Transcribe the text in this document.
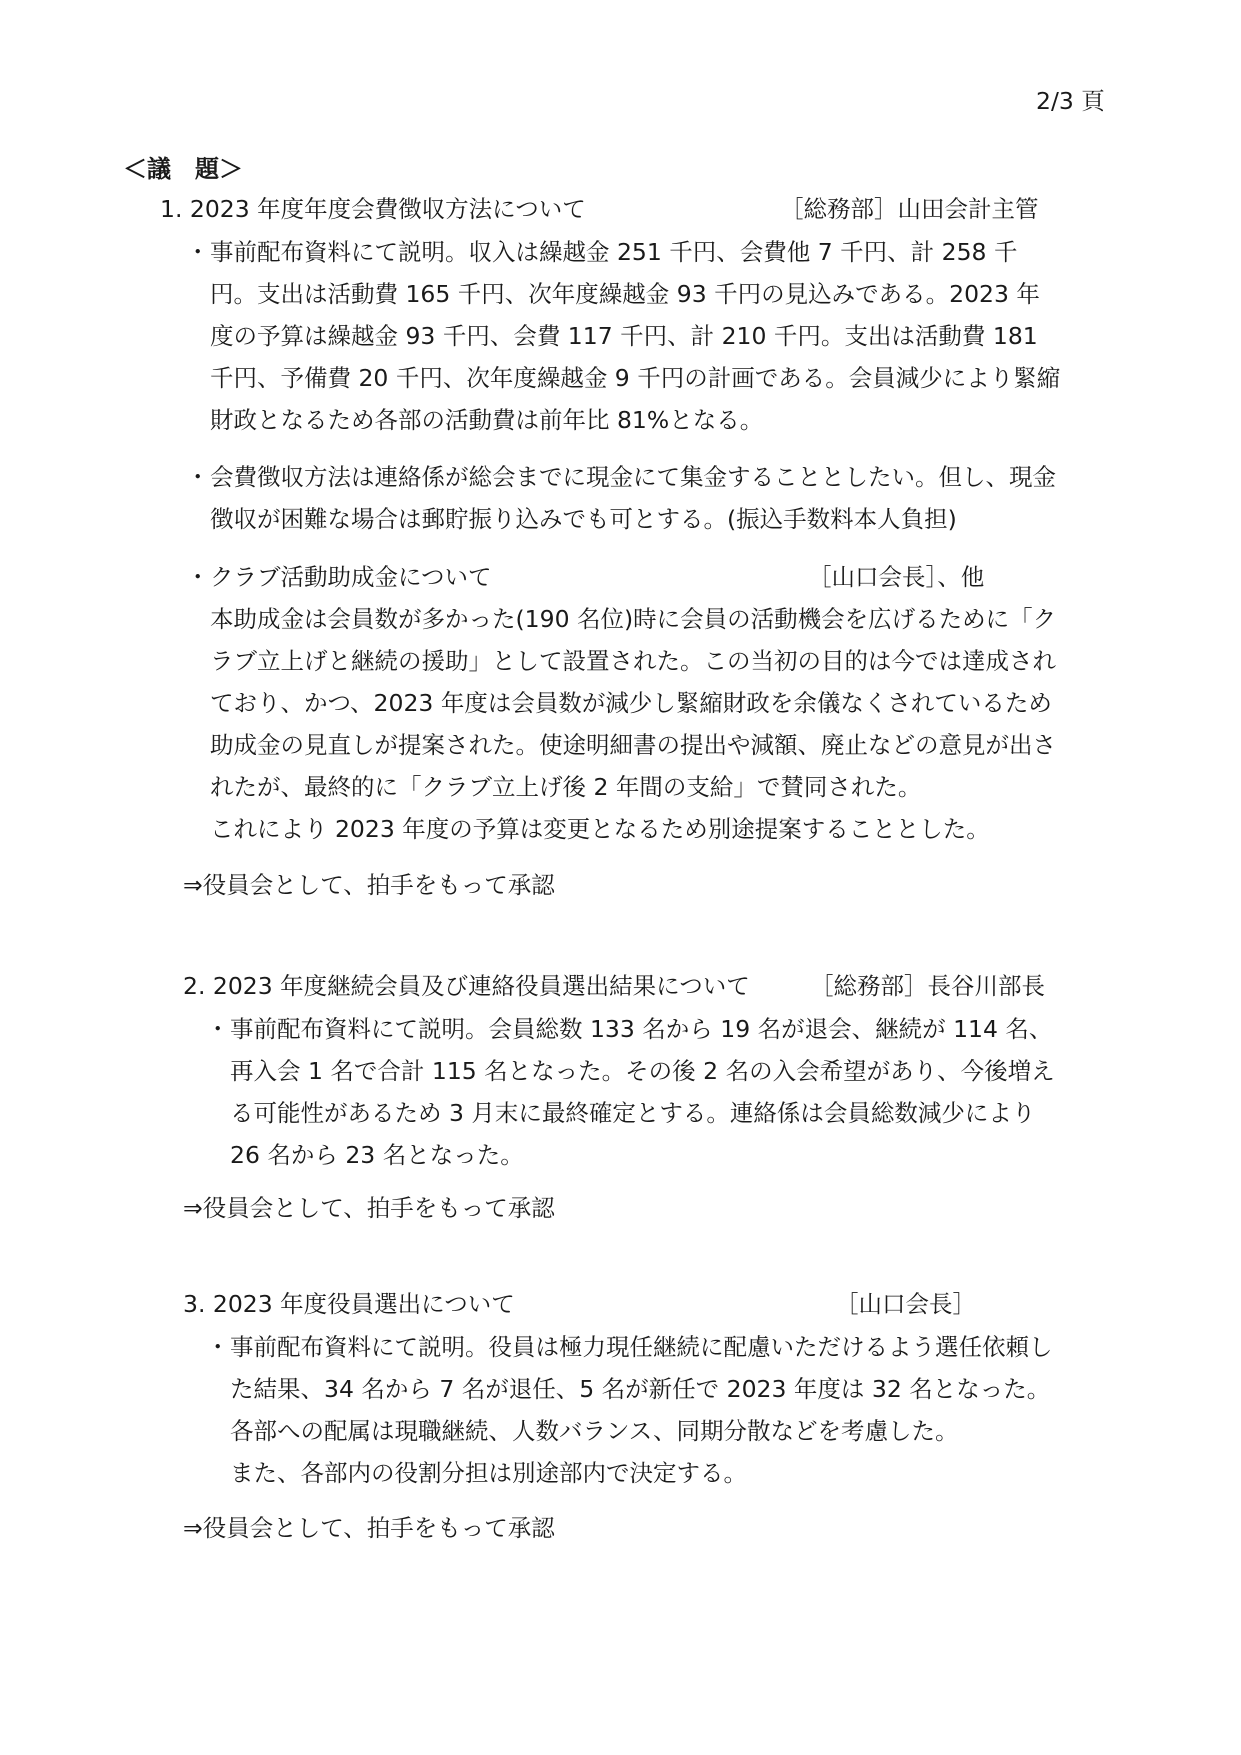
2/3 頁
＜議　題＞
1. 2023 年度年度会費徴収方法について	［総務部］山田会計主管
・ 事前配布資料にて説明。収入は繰越金 251 千円、会費他 7 千円、計 258 千
円。支出は活動費 165 千円、次年度繰越金 93 千円の見込みである。2023 年
度の予算は繰越金 93 千円、会費 117 千円、計 210 千円。支出は活動費 181
千円、予備費 20 千円、次年度繰越金 9 千円の計画である。会員減少により緊縮
財政となるため各部の活動費は前年比 81%となる。
・ 会費徴収方法は連絡係が総会までに現金にて集金することとしたい。但し、現金
徴収が困難な場合は郵貯振り込みでも可とする。(振込手数料本人負担)
・ クラブ活動助成金について	［山口会長］、他
本助成金は会員数が多かった(190 名位)時に会員の活動機会を広げるために「ク
ラブ立上げと継続の援助」として設置された。この当初の目的は今では達成され
ており、かつ、2023 年度は会員数が減少し緊縮財政を余儀なくされているため
助成金の見直しが提案された。使途明細書の提出や減額、廃止などの意見が出さ
れたが、最終的に「クラブ立上げ後 2 年間の支給」で賛同された。
これにより 2023 年度の予算は変更となるため別途提案することとした。
⇒役員会として、拍手をもって承認
2. 2023 年度継続会員及び連絡役員選出結果について	［総務部］長谷川部長
・ 事前配布資料にて説明。会員総数 133 名から 19 名が退会、継続が 114 名、
再入会 1 名で合計 115 名となった。その後 2 名の入会希望があり、今後増え
る可能性があるため 3 月末に最終確定とする。連絡係は会員総数減少により
26 名から 23 名となった。
⇒役員会として、拍手をもって承認
3. 2023 年度役員選出について	［山口会長］
・ 事前配布資料にて説明。役員は極力現任継続に配慮いただけるよう選任依頼し
た結果、34 名から 7 名が退任、5 名が新任で 2023 年度は 32 名となった。
各部への配属は現職継続、人数バランス、同期分散などを考慮した。
また、各部内の役割分担は別途部内で決定する。
⇒役員会として、拍手をもって承認
